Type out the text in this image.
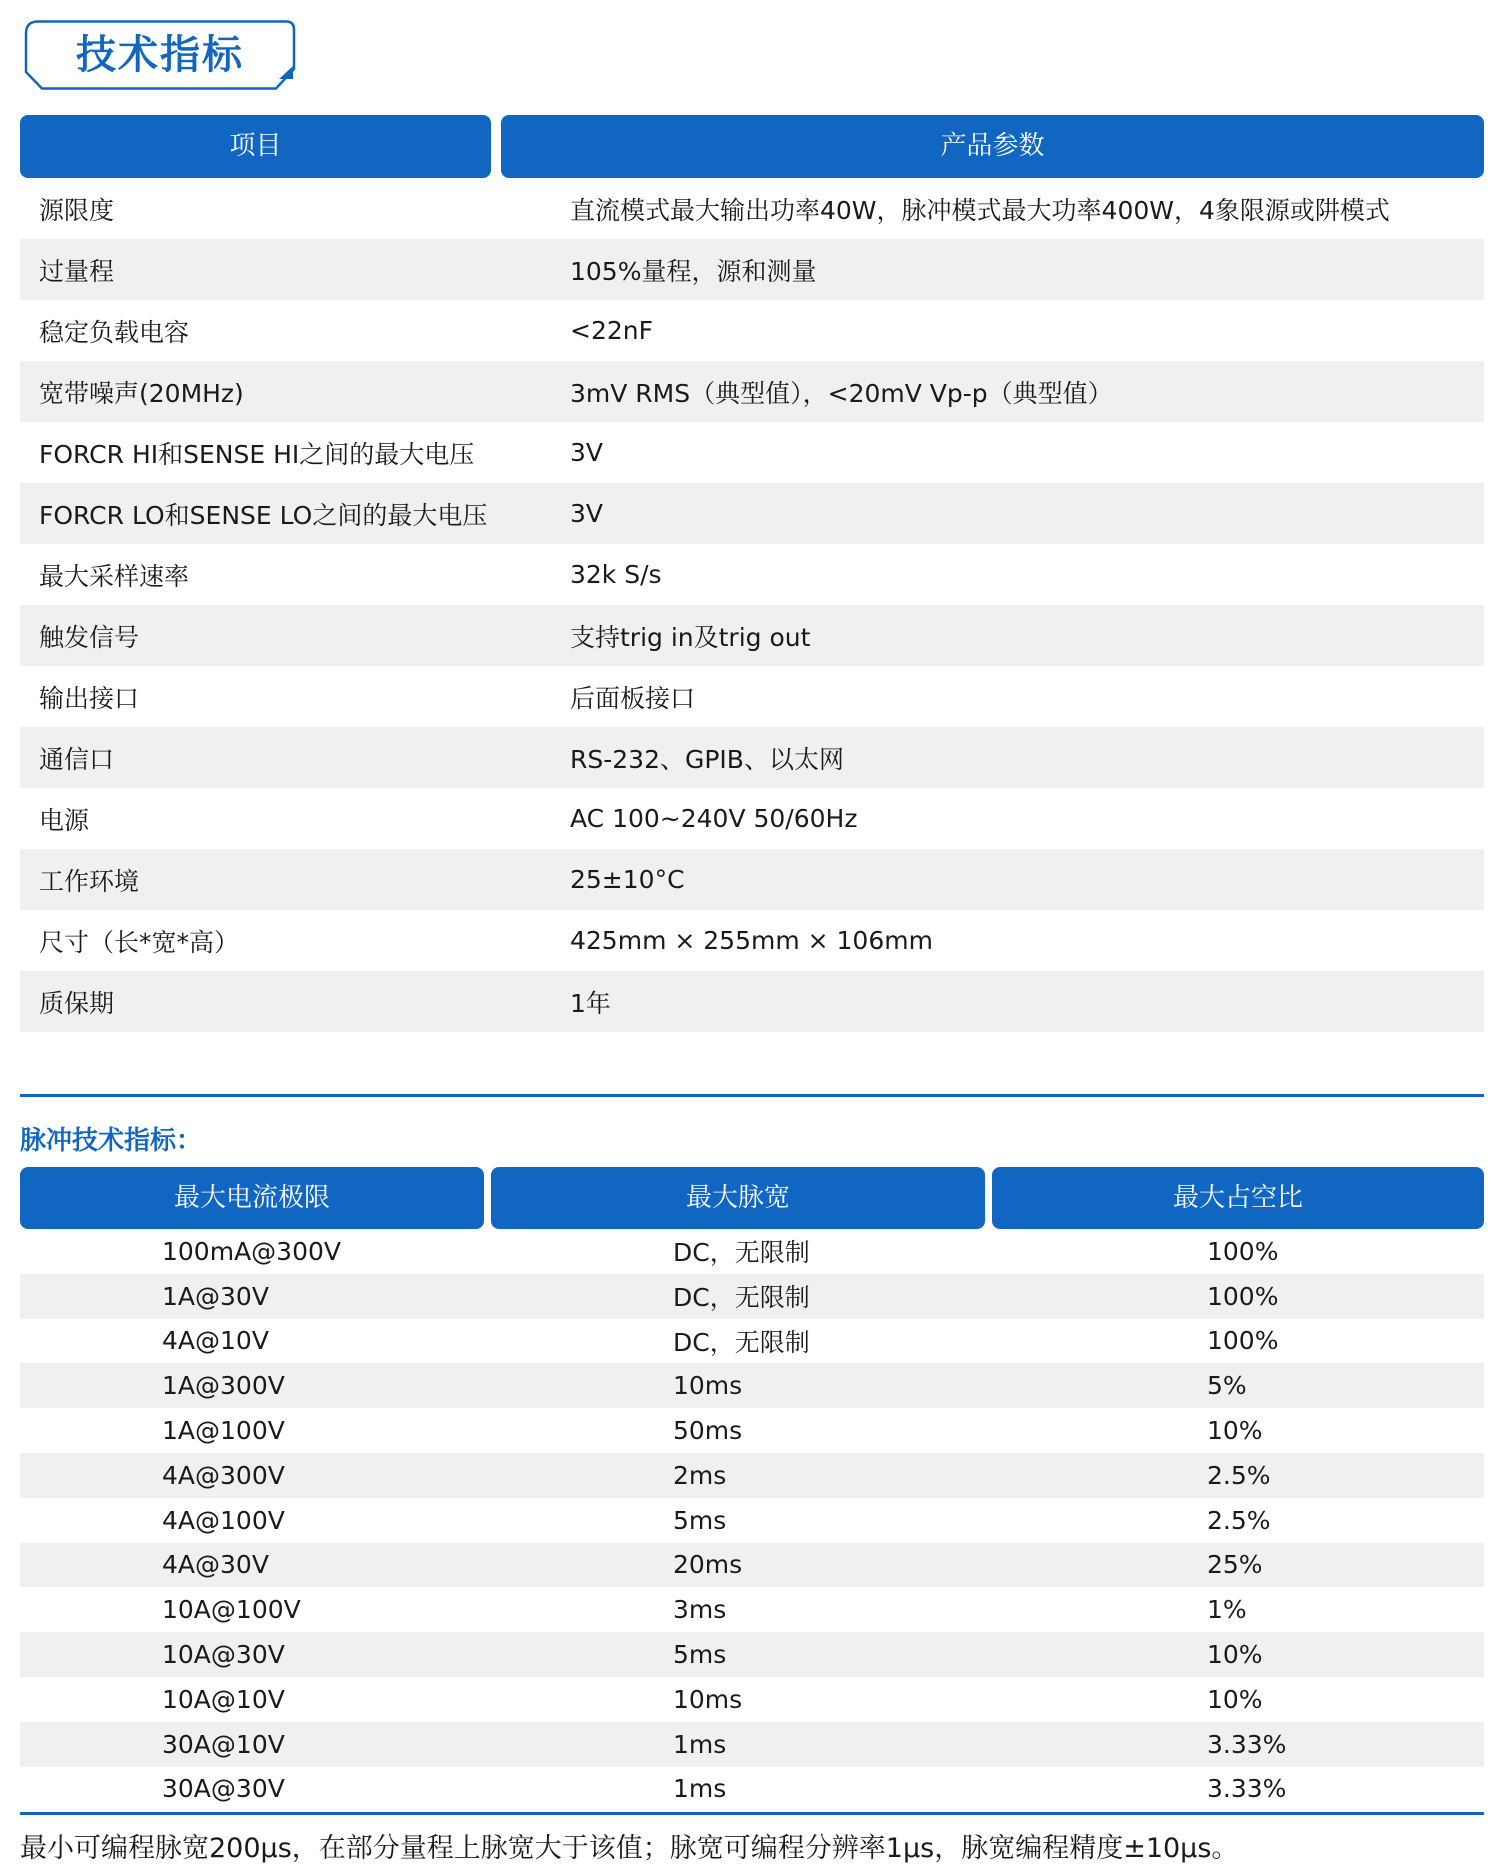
技术指标
项目	产品参数
源限度	直流模式最大输出功率40W，脉冲模式最大功率400W，4象限源或阱模式
过量程	105%量程，源和测量
稳定负载电容	<22nF
宽带噪声(20MHz)	3mV RMS（典型值），<20mV Vp-p（典型值）
FORCR HI和SENSE HI之间的最大电压	3V
FORCR LO和SENSE LO之间的最大电压	3V
最大采样速率	32k S/s
触发信号	支持trig in及trig out
输出接口	后面板接口
通信口	RS-232、GPIB、以太网
电源	AC 100~240V 50/60Hz
工作环境	25±10°C
尺寸（长*宽*高）	425mm × 255mm × 106mm
质保期	1年
脉冲技术指标：
最大电流极限	最大脉宽	最大占空比
100mA@300V	DC，无限制	100%
1A@30V	DC，无限制	100%
4A@10V	DC，无限制	100%
1A@300V	10ms	5%
1A@100V	50ms	10%
4A@300V	2ms	2.5%
4A@100V	5ms	2.5%
4A@30V	20ms	25%
10A@100V	3ms	1%
10A@30V	5ms	10%
10A@10V	10ms	10%
30A@10V	1ms	3.33%
30A@30V	1ms	3.33%
最小可编程脉宽200μs，在部分量程上脉宽大于该值；脉宽可编程分辨率1μs，脉宽编程精度±10μs。
